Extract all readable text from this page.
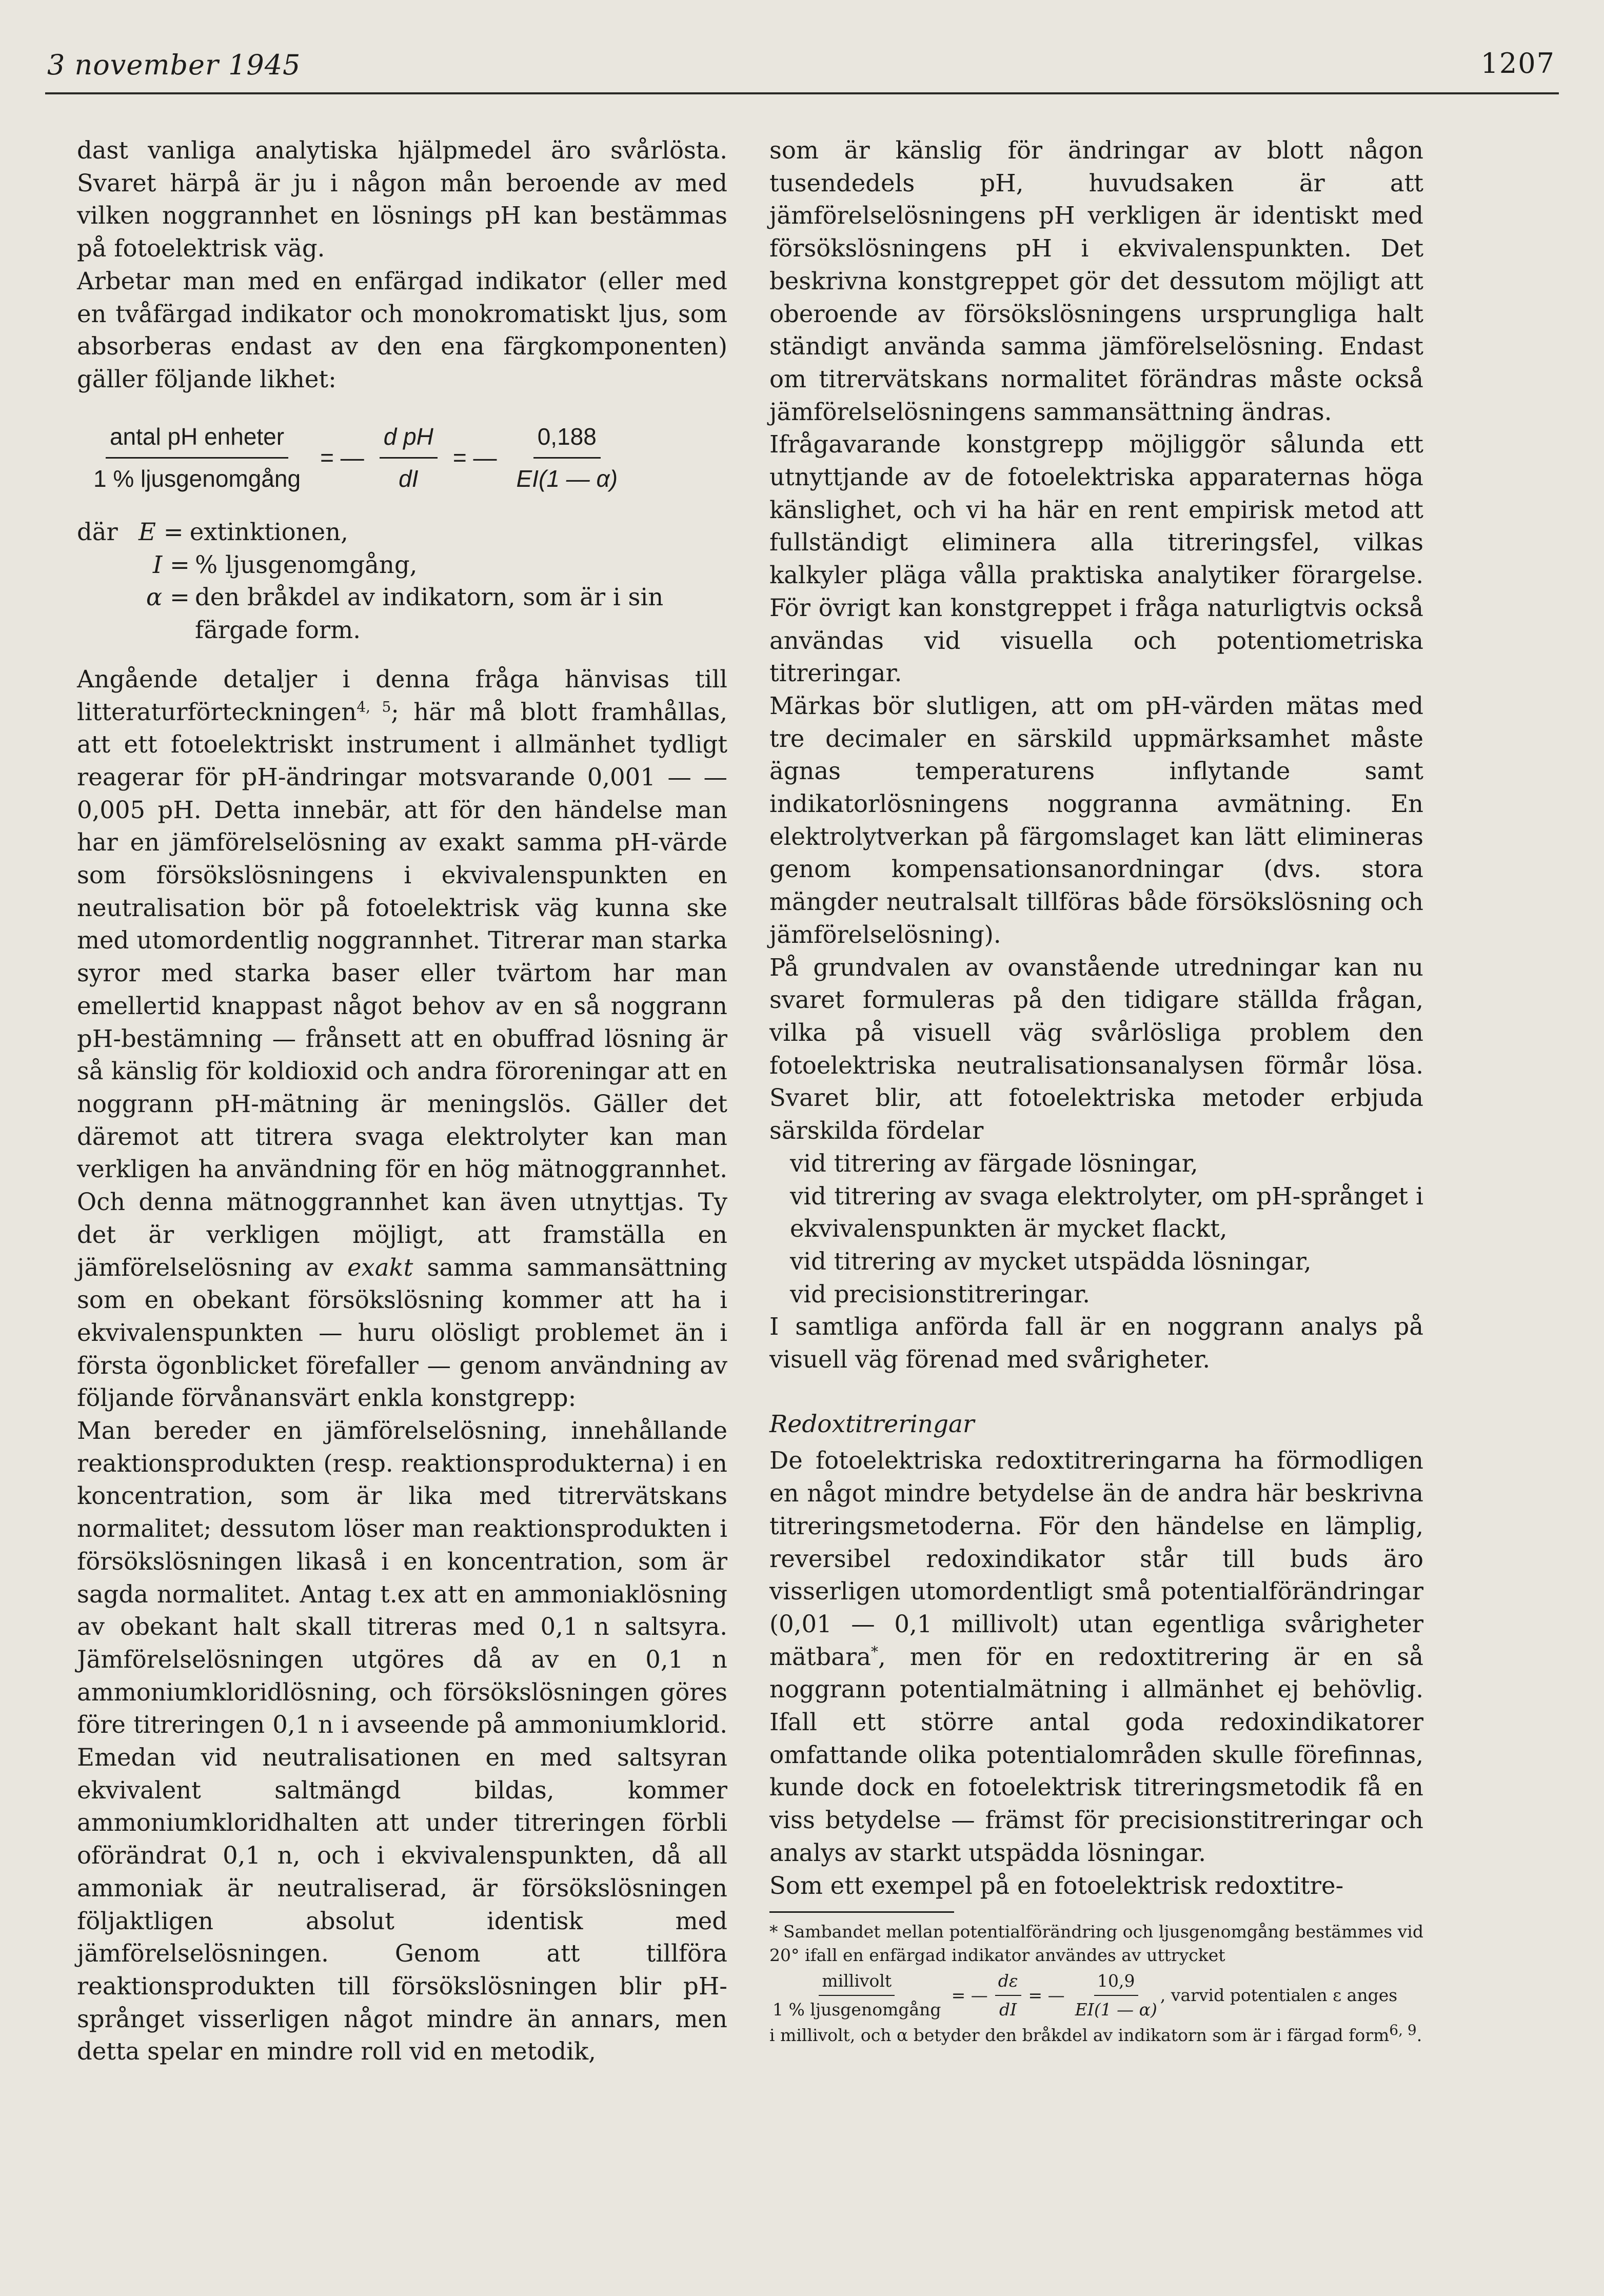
3 november 1945	1207

dast vanliga analytiska hjälpmedel äro svårlösta. Svaret härpå är ju i någon mån beroende av med vilken noggrannhet en lösnings pH kan bestämmas på fotoelektrisk väg.

Arbetar man med en enfärgad indikator (eller med en tvåfärgad indikator och monokromatiskt ljus, som absorberas endast av den ena färgkomponenten) gäller följande likhet:

$\frac{\text{antal pH enheter}}{\text{1 \% ljusgenomgång}}$ = — $\frac{\text{d pH}}{dI}$ = — $\frac{0,188}{EI(1 — \alpha)}$
där E = extinktionen,
I = % ljusgenomgång,
α = den bråkdel av indikatorn, som är i sin
färgade form.

Angående detaljer i denna fråga hänvisas till litteraturförteckningen$^{4, 5}$; här må blott framhållas, att ett fotoelektriskt instrument i allmänhet tydligt reagerar för pH-ändringar motsvarande 0,001 — — 0,005 pH. Detta innebär, att för den händelse man har en jämförelselösning av exakt samma pH-värde som försökslösningens i ekvivalenspunkten en neutralisation bör på fotoelektrisk väg kunna ske med utomordentlig noggrannhet. Titrerar man starka syror med starka baser eller tvärtom har man emellertid knappast något behov av en så noggrann pH-bestämning — frånsett att en obuffrad lösning är så känslig för koldioxid och andra föroreningar att en noggrann pH-mätning är meningslös. Gäller det däremot att titrera svaga elektrolyter kan man verkligen ha användning för en hög mätnoggrannhet. Och denna mätnoggrannhet kan även utnyttjas. Ty det är verkligen möjligt, att framställa en jämförelselösning av exakt samma sammansättning som en obekant försökslösning kommer att ha i ekvivalenspunkten — huru olösligt problemet än i första ögonblicket förefaller — genom användning av följande förvånansvärt enkla konstgrepp:

Man bereder en jämförelselösning, innehållande reaktionsprodukten (resp. reaktionsprodukterna) i en koncentration, som är lika med titrervätskans normalitet; dessutom löser man reaktionsprodukten i försökslösningen likaså i en koncentration, som är sagda normalitet. Antag t.ex att en ammoniaklösning av obekant halt skall titreras med 0,1 n saltsyra. Jämförelselösningen utgöres då av en 0,1 n ammoniumkloridlösning, och försökslösningen göres före titreringen 0,1 n i avseende på ammoniumklorid. Emedan vid neutralisationen en med saltsyran ekvivalent saltmängd bildas, kommer ammoniumkloridhalten att under titreringen förbli oförändrat 0,1 n, och i ekvivalenspunkten, då all ammoniak är neutraliserad, är försökslösningen följaktligen absolut identisk med jämförelselösningen. Genom att tillföra reaktionsprodukten till försökslösningen blir pH-språnget visserligen något mindre än annars, men detta spelar en mindre roll vid en metodik,

som är känslig för ändringar av blott någon tusendedels pH, huvudsaken är att jämförelselösningens pH verkligen är identiskt med försökslösningens pH i ekvivalenspunkten. Det beskrivna konstgreppet gör det dessutom möjligt att oberoende av försökslösningens ursprungliga halt ständigt använda samma jämförelselösning. Endast om titrervätskans normalitet förändras måste också jämförelselösningens sammansättning ändras.

Ifrågavarande konstgrepp möjliggör sålunda ett utnyttjande av de fotoelektriska apparaternas höga känslighet, och vi ha här en rent empirisk metod att fullständigt eliminera alla titreringsfel, vilkas kalkyler pläga vålla praktiska analytiker förargelse. För övrigt kan konstgreppet i fråga naturligtvis också användas vid visuella och potentiometriska titreringar.

Märkas bör slutligen, att om pH-värden mätas med tre decimaler en särskild uppmärksamhet måste ägnas temperaturens inflytande samt indikatorlösningens noggranna avmätning. En elektrolytverkan på färgomslaget kan lätt elimineras genom kompensationsanordningar (dvs. stora mängder neutralsalt tillföras både försökslösning och jämförelselösning).

På grundvalen av ovanstående utredningar kan nu svaret formuleras på den tidigare ställda frågan, vilka på visuell väg svårlösliga problem den fotoelektriska neutralisationsanalysen förmår lösa. Svaret blir, att fotoelektriska metoder erbjuda särskilda fördelar

vid titrering av färgade lösningar,

vid titrering av svaga elektrolyter, om pH-språnget i ekvivalenspunkten är mycket flackt,

vid titrering av mycket utspädda lösningar,

vid precisionstitreringar.

I samtliga anförda fall är en noggrann analys på visuell väg förenad med svårigheter.

Redoxtitreringar

De fotoelektriska redoxtitreringarna ha förmodligen en något mindre betydelse än de andra här beskrivna titreringsmetoderna. För den händelse en lämplig, reversibel redoxindikator står till buds äro visserligen utomordentligt små potentialförändringar (0,01 — 0,1 millivolt) utan egentliga svårigheter mätbara*, men för en redoxtitrering är en så noggrann potentialmätning i allmänhet ej behövlig. Ifall ett större antal goda redoxindikatorer omfattande olika potentialområden skulle förefinnas, kunde dock en fotoelektrisk titreringsmetodik få en viss betydelse — främst för precisionstitreringar och analys av starkt utspädda lösningar.

Som ett exempel på en fotoelektrisk redoxtitre-

* Sambandet mellan potentialförändring och ljusgenomgång bestämmes vid 20° ifall en enfärgad indikator användes av uttrycket
$\frac{\text{millivolt}}{\text{1 \% ljusgenomgång}}$ = — $\frac{d\varepsilon}{dI}$ = — $\frac{10,9}{EI(1 — \alpha)}$ , varvid potentialen ε anges
i millivolt, och α betyder den bråkdel av indikatorn som är i färgad form$^{6, 9}$.
